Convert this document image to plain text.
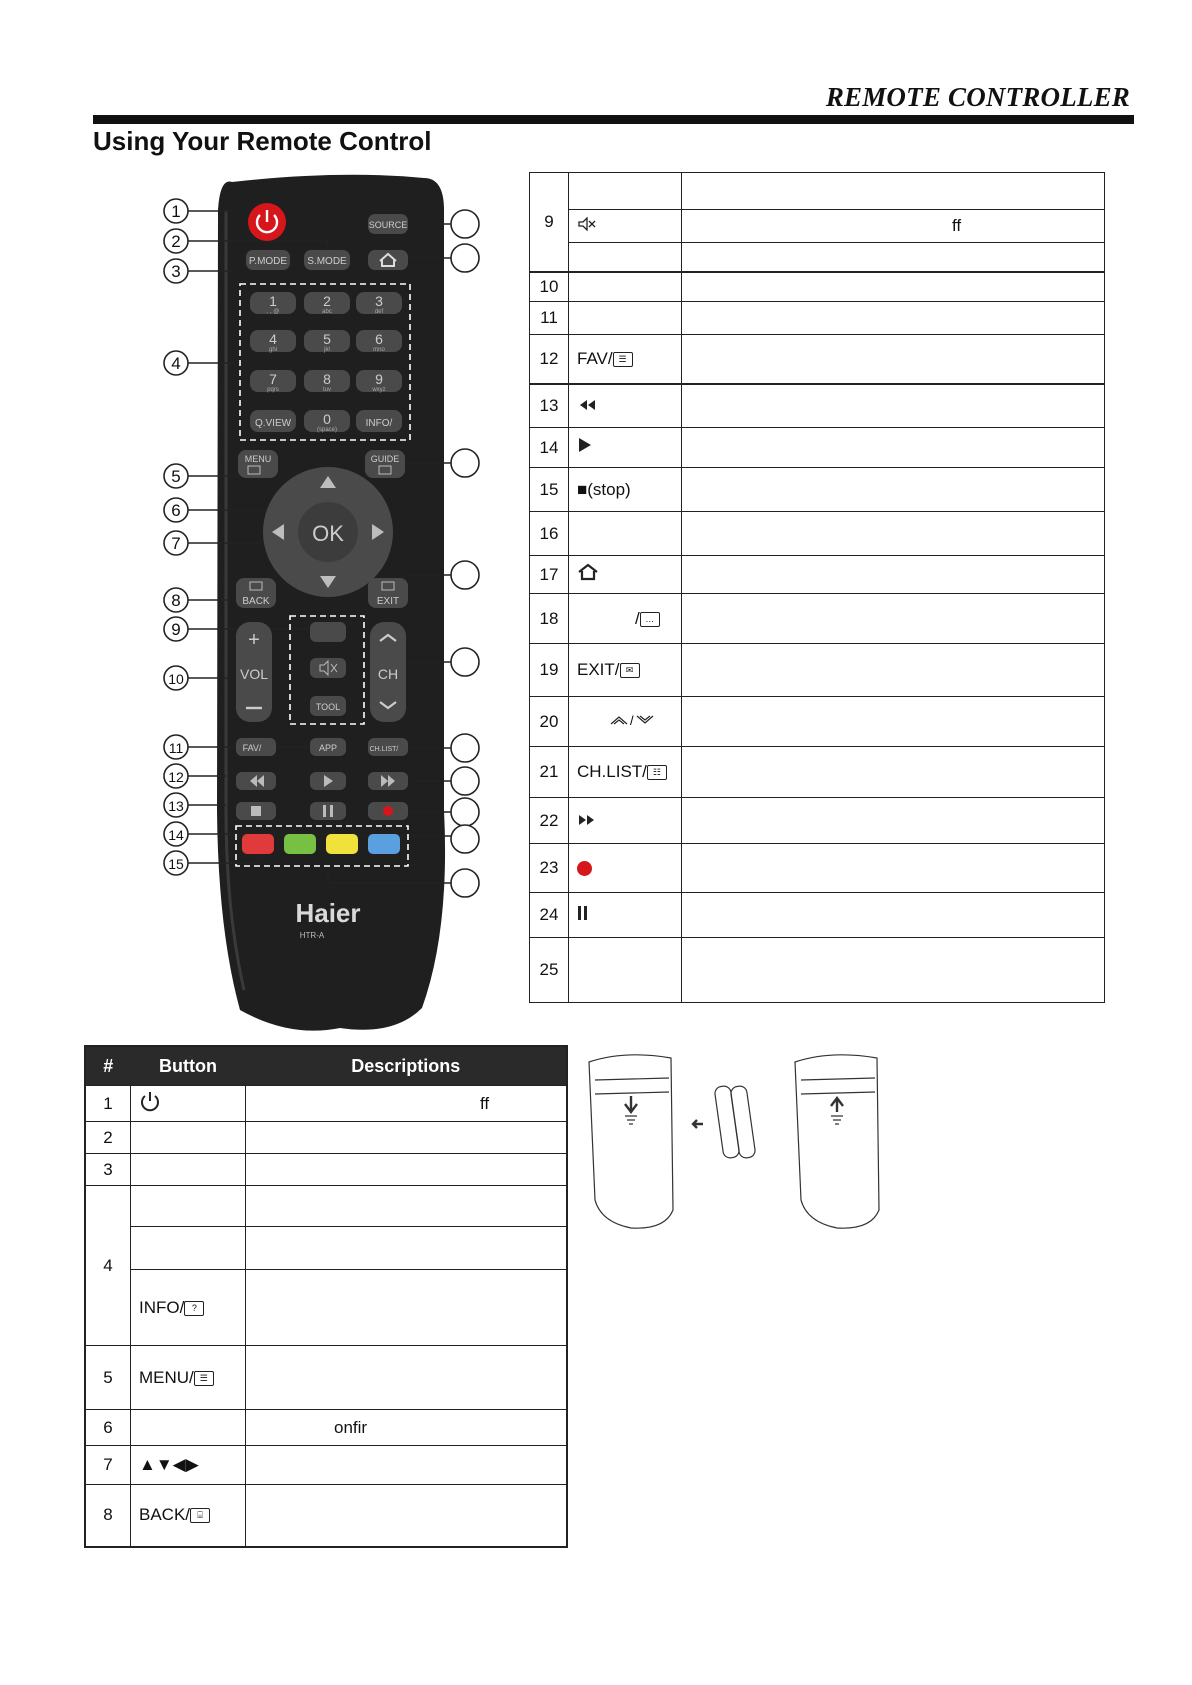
REMOTE CONTROLLER
Using Your Remote Control
1
2
3
4
5
6
7
8
9
10
11
12
13
14
15
SOURCE
P.MODE S.MODE
. , @
1
abc
2
def
3
ghi
4
jkl
5
mno
6
pqrs
7
tuv
8
wxyz
9
Q.VIEW
(space)
0	INFO/
MENU	GUIDE
OK
BACK	EXIT
+
VOL	CH
TOOL
FAV/	APP	CH.LIST/
Haier
HTR-A
9		
	ff

10		
11		
12	FAV/ ☰	
13		
14		
15	■(stop)	
16		
17		
18	/ …	
19	EXIT/ ✉	
20	/	

21	CH.LIST/ ☷	
22		
23		
24		
25		
#	Button	Descriptions
1		ff
2		
3		
4		

	INFO/ ?	
5	MENU/ ☰	
6		onfir
7	▲▼◀▶	
8	BACK/ ⌸	
